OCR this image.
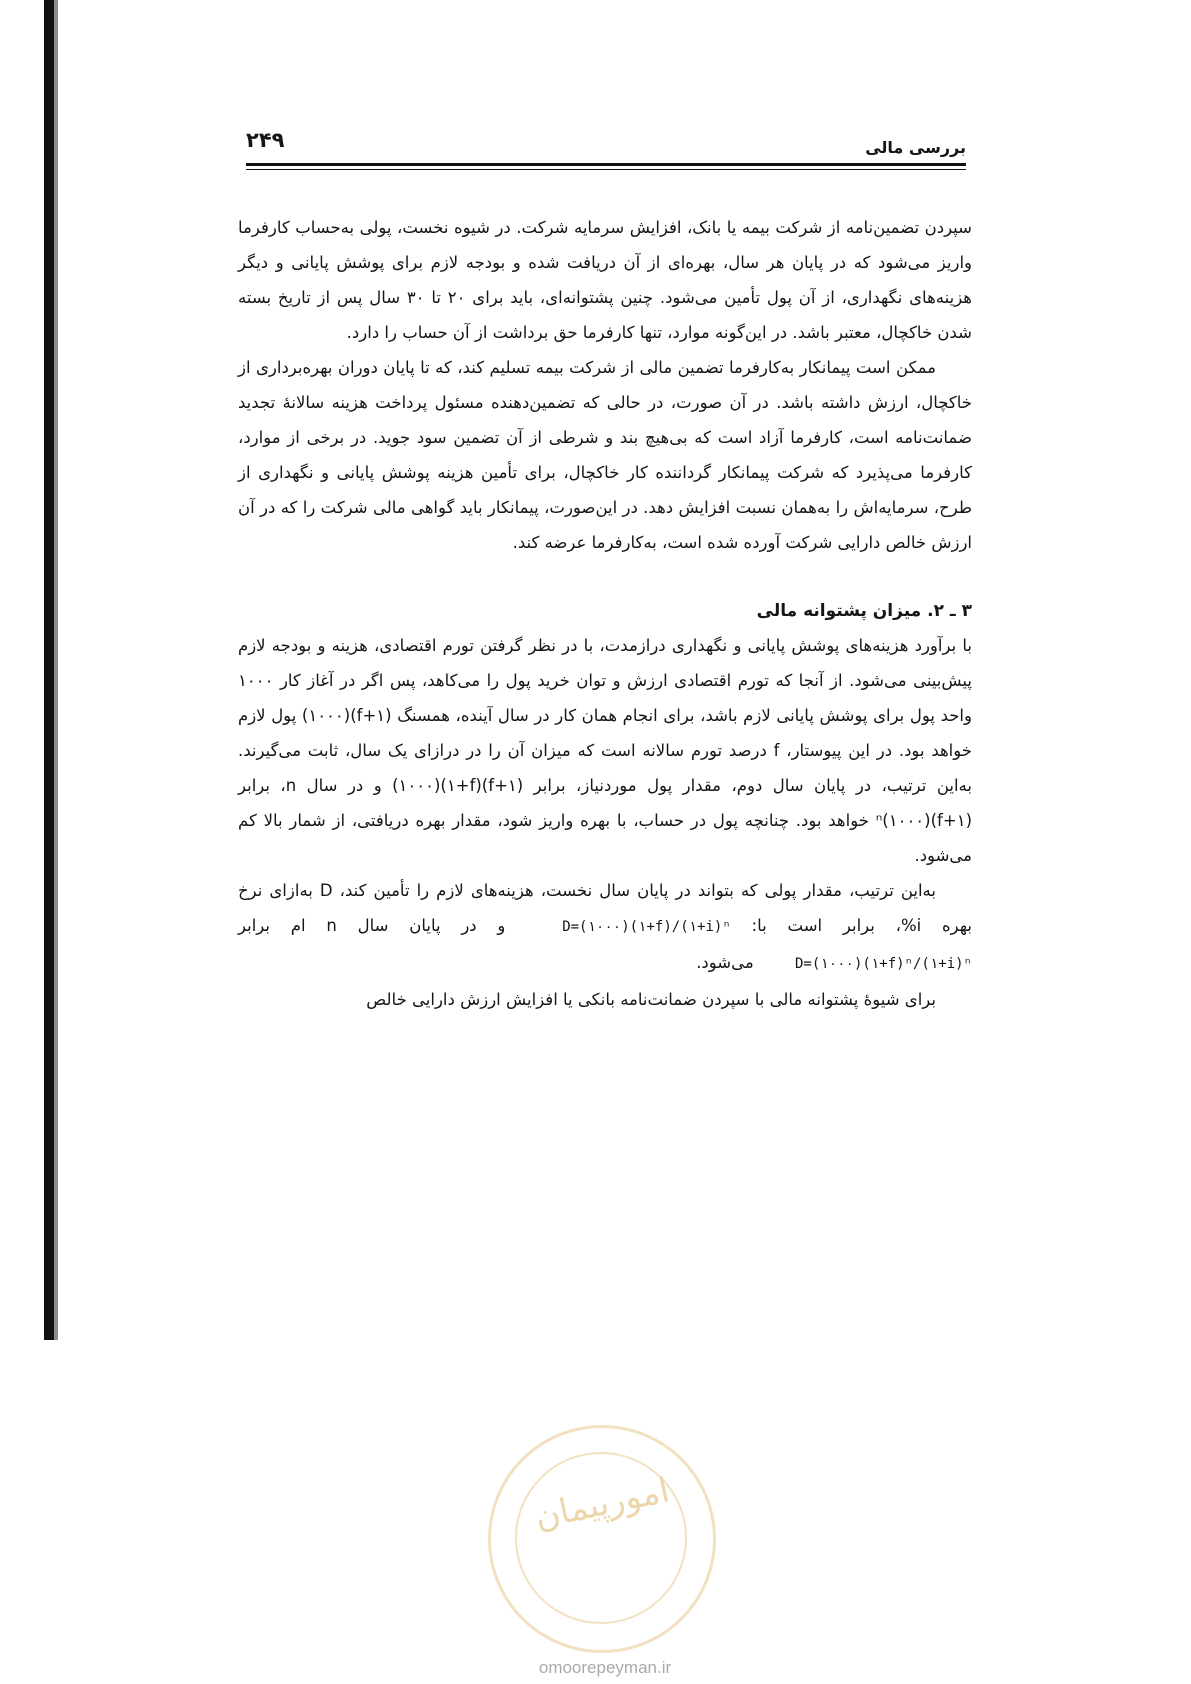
بررسی مالی
۲۴۹

سپردن تضمین‌نامه از شرکت بیمه یا بانک، افزایش سرمایه شرکت. در شیوه نخست، پولی به‌حساب کارفرما واریز می‌شود که در پایان هر سال، بهره‌ای از آن دریافت شده و بودجه لازم برای پوشش پایانی و دیگر هزینه‌های نگهداری، از آن پول تأمین می‌شود. چنین پشتوانه‌ای، باید برای ۲۰ تا ۳۰ سال پس از تاریخ بسته شدن خاکچال، معتبر باشد. در این‌گونه موارد، تنها کارفرما حق برداشت از آن حساب را دارد.

ممکن است پیمانکار به‌کارفرما تضمین مالی از شرکت بیمه تسلیم کند، که تا پایان دوران بهره‌برداری از خاکچال، ارزش داشته باشد. در آن صورت، در حالی که تضمین‌دهنده مسئول پرداخت هزینه سالانهٔ تجدید ضمانت‌نامه است، کارفرما آزاد است که بی‌هیچ بند و شرطی از آن تضمین سود جوید. در برخی از موارد، کارفرما می‌پذیرد که شرکت پیمانکار گرداننده کار خاکچال، برای تأمین هزینه پوشش پایانی و نگهداری از طرح، سرمایه‌اش را به‌همان نسبت افزایش دهد. در این‌صورت، پیمانکار باید گواهی مالی شرکت را که در آن ارزش خالص دارایی شرکت آورده شده است، به‌کارفرما عرضه کند.

۳ ـ ۲. میزان پشتوانه مالی

با برآورد هزینه‌های پوشش پایانی و نگهداری درازمدت، با در نظر گرفتن تورم اقتصادی، هزینه و بودجه لازم پیش‌بینی می‌شود. از آنجا که تورم اقتصادی ارزش و توان خرید پول را می‌کاهد، پس اگر در آغاز کار ۱۰۰۰ واحد پول برای پوشش پایانی لازم باشد، برای انجام همان کار در سال آینده، همسنگ (۱+f)(۱۰۰۰) پول لازم خواهد بود. در این پیوستار، f درصد تورم سالانه است که میزان آن را در درازای یک سال، ثابت می‌گیرند. به‌این ترتیب، در پایان سال دوم، مقدار پول موردنیاز، برابر (۱+f)(۱+f)(۱۰۰۰) و در سال n، برابر (۱+f)ⁿ(۱۰۰۰) خواهد بود. چنانچه پول در حساب، با بهره واریز شود، مقدار بهره دریافتی، از شمار بالا کم می‌شود.

به‌این ترتیب، مقدار پولی که بتواند در پایان سال نخست، هزینه‌های لازم را تأمین کند، D به‌ازای نرخ بهره i%، برابر است با: D=(۱۰۰۰)(۱+f)/(۱+i)ⁿ و در پایان سال n ام برابر D=(۱۰۰۰)(۱+f)ⁿ/(۱+i)ⁿ می‌شود.

برای شیوهٔ پشتوانه مالی با سپردن ضمانت‌نامه بانکی یا افزایش ارزش دارایی خالص

امورپیمان
omoorepeyman.ir
